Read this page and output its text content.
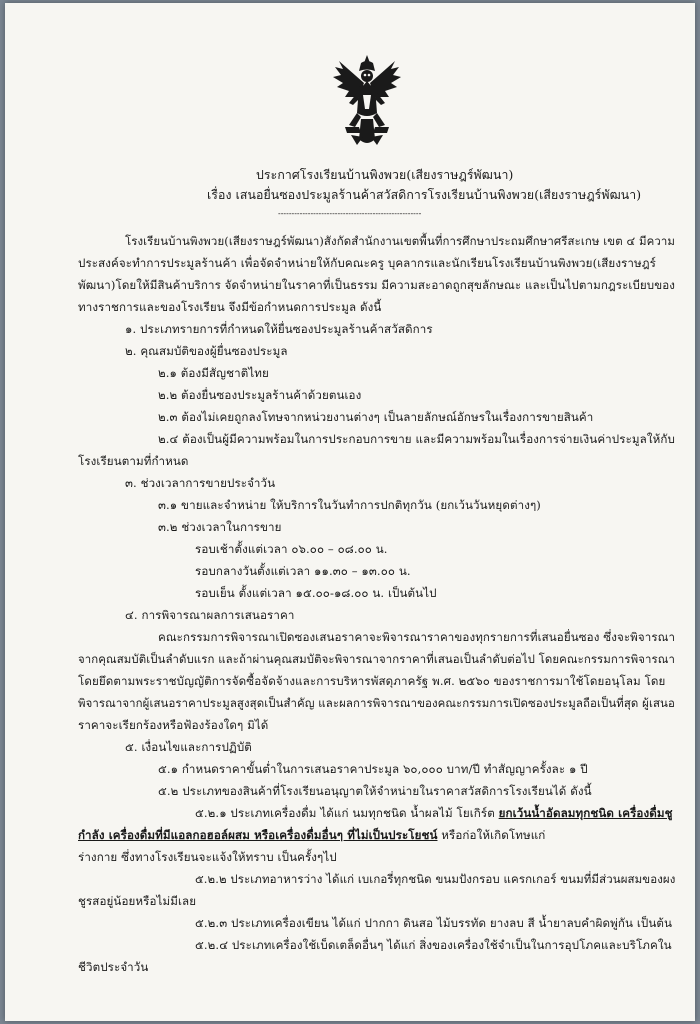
ประกาศโรงเรียนบ้านพิงพวย(เสียงราษฎร์พัฒนา)
เรื่อง เสนอยื่นซองประมูลร้านค้าสวัสดิการโรงเรียนบ้านพิงพวย(เสียงราษฎร์พัฒนา)
-----------------------------------------------------
โรงเรียนบ้านพิงพวย(เสียงราษฎร์พัฒนา)สังกัดสำนักงานเขตพื้นที่การศึกษาประถมศึกษาศรีสะเกษ เขต ๔ มีความ
ประสงค์จะทำการประมูลร้านค้า เพื่อจัดจำหน่ายให้กับคณะครู บุคลากรและนักเรียนโรงเรียนบ้านพิงพวย(เสียงราษฎร์
พัฒนา)โดยให้มีสินค้าบริการ จัดจำหน่ายในราคาที่เป็นธรรม มีความสะอาดถูกสุขลักษณะ และเป็นไปตามกฎระเบียบของ
ทางราชการและของโรงเรียน จึงมีข้อกำหนดการประมูล ดังนี้
๑. ประเภทรายการที่กำหนดให้ยื่นซองประมูลร้านค้าสวัสดิการ
๒. คุณสมบัติของผู้ยื่นซองประมูล
๒.๑ ต้องมีสัญชาติไทย
๒.๒ ต้องยื่นซองประมูลร้านค้าด้วยตนเอง
๒.๓ ต้องไม่เคยถูกลงโทษจากหน่วยงานต่างๆ เป็นลายลักษณ์อักษรในเรื่องการขายสินค้า
๒.๔ ต้องเป็นผู้มีความพร้อมในการประกอบการขาย และมีความพร้อมในเรื่องการจ่ายเงินค่าประมูลให้กับ
โรงเรียนตามที่กำหนด
๓. ช่วงเวลาการขายประจำวัน
๓.๑ ขายและจำหน่าย ให้บริการในวันทำการปกติทุกวัน (ยกเว้นวันหยุดต่างๆ)
๓.๒ ช่วงเวลาในการขาย
รอบเช้าตั้งแต่เวลา ๐๖.๐๐ – ๐๘.๐๐ น.
รอบกลางวันตั้งแต่เวลา ๑๑.๓๐ – ๑๓.๐๐ น.
รอบเย็น ตั้งแต่เวลา ๑๕.๐๐-๑๘.๐๐ น. เป็นต้นไป
๔. การพิจารณาผลการเสนอราคา
คณะกรรมการพิจารณาเปิดซองเสนอราคาจะพิจารณาราคาของทุกรายการที่เสนอยื่นซอง ซึ่งจะพิจารณา
จากคุณสมบัติเป็นลำดับแรก และถ้าผ่านคุณสมบัติจะพิจารณาจากราคาที่เสนอเป็นลำดับต่อไป โดยคณะกรรมการพิจารณา
โดยยึดตามพระราชบัญญัติการจัดซื้อจัดจ้างและการบริหารพัสดุภาครัฐ พ.ศ. ๒๕๖๐ ของราชการมาใช้โดยอนุโลม โดย
พิจารณาจากผู้เสนอราคาประมูลสูงสุดเป็นสำคัญ และผลการพิจารณาของคณะกรรมการเปิดซองประมูลถือเป็นที่สุด ผู้เสนอ
ราคาจะเรียกร้องหรือฟ้องร้องใดๆ มิได้
๕. เงื่อนไขและการปฏิบัติ
๕.๑ กำหนดราคาขั้นต่ำในการเสนอราคาประมูล ๖๐,๐๐๐ บาท/ปี ทำสัญญาครั้งละ ๑ ปี
๕.๒ ประเภทของสินค้าที่โรงเรียนอนุญาตให้จำหน่ายในราคาสวัสดิการโรงเรียนได้ ดังนี้
๕.๒.๑ ประเภทเครื่องดื่ม ได้แก่ นมทุกชนิด น้ำผลไม้ โยเกิร์ต ยกเว้นน้ำอัดลมทุกชนิด เครื่องดื่มชู
กำลัง เครื่องดื่มที่มีแอลกอฮอล์ผสม หรือเครื่องดื่มอื่นๆ ที่ไม่เป็นประโยชน์ หรือก่อให้เกิดโทษแก่
ร่างกาย ซึ่งทางโรงเรียนจะแจ้งให้ทราบ เป็นครั้งๆไป
๕.๒.๒ ประเภทอาหารว่าง ได้แก่ เบเกอรี่ทุกชนิด ขนมปังกรอบ แครกเกอร์ ขนมที่มีส่วนผสมของผง
ชูรสอยู่น้อยหรือไม่มีเลย
๕.๒.๓ ประเภทเครื่องเขียน ได้แก่ ปากกา ดินสอ ไม้บรรทัด ยางลบ สี น้ำยาลบคำผิดพู่กัน เป็นต้น
๕.๒.๔ ประเภทเครื่องใช้เบ็ดเตล็ดอื่นๆ ได้แก่ สิ่งของเครื่องใช้จำเป็นในการอุปโภคและบริโภคใน
ชีวิตประจำวัน
